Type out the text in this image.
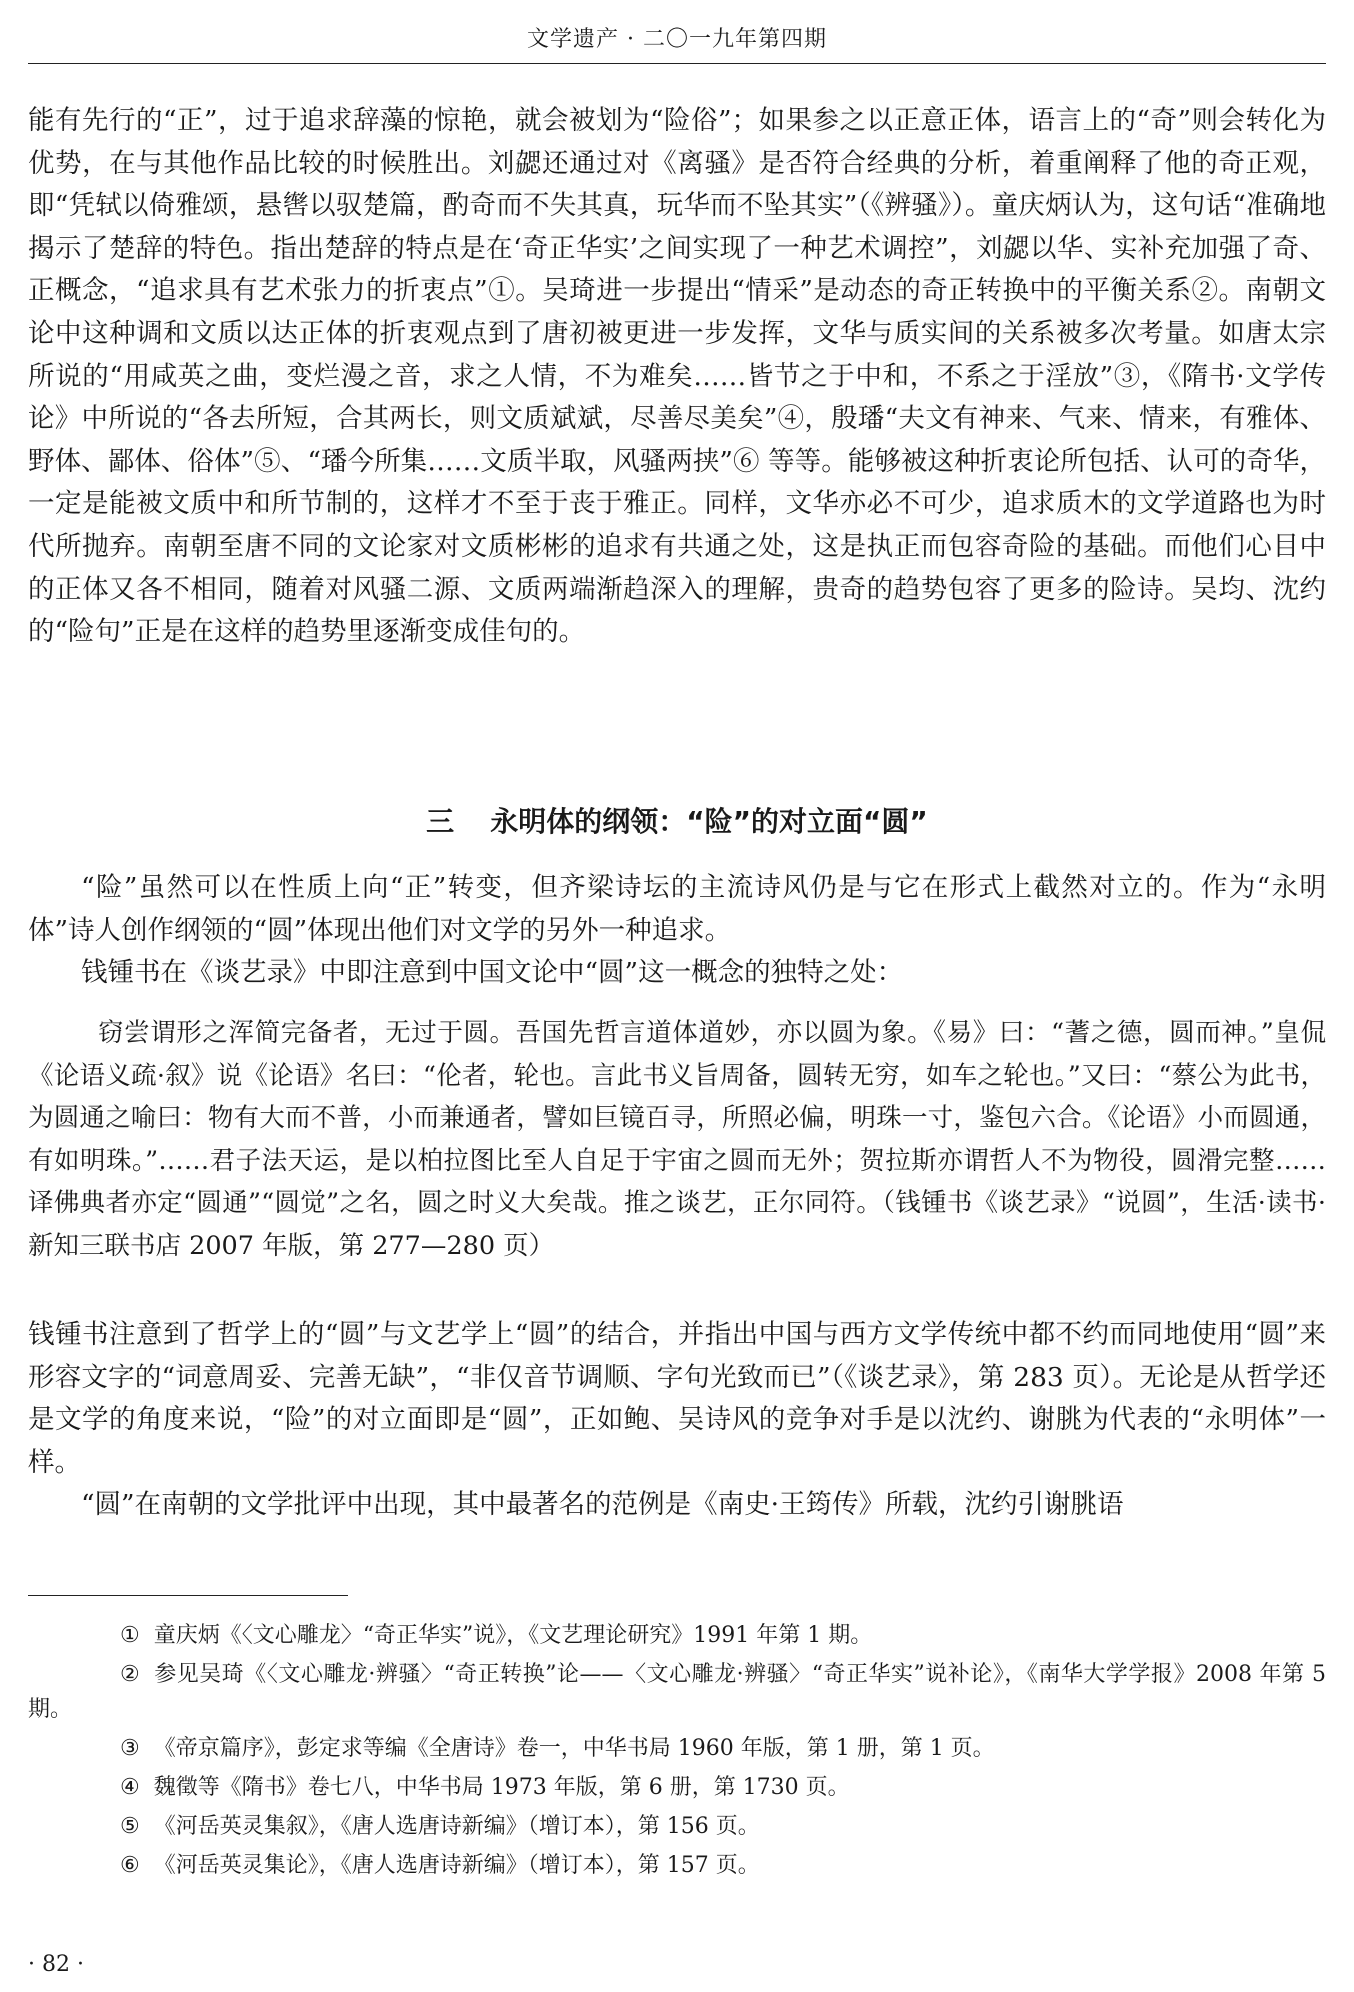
文学遗产 · 二〇一九年第四期

能有先行的“正”，过于追求辞藻的惊艳，就会被划为“险俗”；如果参之以正意正体，语言上的“奇”则会转化为优势，在与其他作品比较的时候胜出。刘勰还通过对《离骚》是否符合经典的分析，着重阐释了他的奇正观，即“凭轼以倚雅颂，悬辔以驭楚篇，酌奇而不失其真，玩华而不坠其实”（《辨骚》）。童庆炳认为，这句话“准确地揭示了楚辞的特色。指出楚辞的特点是在‘奇正华实’之间实现了一种艺术调控”，刘勰以华、实补充加强了奇、正概念，“追求具有艺术张力的折衷点”①。吴琦进一步提出“情采”是动态的奇正转换中的平衡关系②。南朝文论中这种调和文质以达正体的折衷观点到了唐初被更进一步发挥，文华与质实间的关系被多次考量。如唐太宗所说的“用咸英之曲，变烂漫之音，求之人情，不为难矣……皆节之于中和，不系之于淫放”③，《隋书·文学传论》中所说的“各去所短，合其两长，则文质斌斌，尽善尽美矣”④，殷璠“夫文有神来、气来、情来，有雅体、野体、鄙体、俗体”⑤、“璠今所集……文质半取，风骚两挟”⑥ 等等。能够被这种折衷论所包括、认可的奇华，一定是能被文质中和所节制的，这样才不至于丧于雅正。同样，文华亦必不可少，追求质木的文学道路也为时代所抛弃。南朝至唐不同的文论家对文质彬彬的追求有共通之处，这是执正而包容奇险的基础。而他们心目中的正体又各不相同，随着对风骚二源、文质两端渐趋深入的理解，贵奇的趋势包容了更多的险诗。吴均、沈约的“险句”正是在这样的趋势里逐渐变成佳句的。

三 永明体的纲领：“险”的对立面“圆”

“险”虽然可以在性质上向“正”转变，但齐梁诗坛的主流诗风仍是与它在形式上截然对立的。作为“永明体”诗人创作纲领的“圆”体现出他们对文学的另外一种追求。

钱锺书在《谈艺录》中即注意到中国文论中“圆”这一概念的独特之处：

窃尝谓形之浑简完备者，无过于圆。吾国先哲言道体道妙，亦以圆为象。《易》曰：“蓍之德，圆而神。”皇侃《论语义疏·叙》说《论语》名曰：“伦者，轮也。言此书义旨周备，圆转无穷，如车之轮也。”又曰：“蔡公为此书，为圆通之喻曰：物有大而不普，小而兼通者，譬如巨镜百寻，所照必偏，明珠一寸，鉴包六合。《论语》小而圆通，有如明珠。”……君子法天运，是以柏拉图比至人自足于宇宙之圆而无外；贺拉斯亦谓哲人不为物役，圆滑完整……译佛典者亦定“圆通”“圆觉”之名，圆之时义大矣哉。推之谈艺，正尔同符。（钱锺书《谈艺录》“说圆”，生活·读书·新知三联书店 2007 年版，第 277—280 页）

钱锺书注意到了哲学上的“圆”与文艺学上“圆”的结合，并指出中国与西方文学传统中都不约而同地使用“圆”来形容文字的“词意周妥、完善无缺”，“非仅音节调顺、字句光致而已”（《谈艺录》，第 283 页）。无论是从哲学还是文学的角度来说，“险”的对立面即是“圆”，正如鲍、吴诗风的竞争对手是以沈约、谢朓为代表的“永明体”一样。

“圆”在南朝的文学批评中出现，其中最著名的范例是《南史·王筠传》所载，沈约引谢朓语

① 童庆炳《〈文心雕龙〉“奇正华实”说》，《文艺理论研究》1991 年第 1 期。

② 参见吴琦《〈文心雕龙·辨骚〉“奇正转换”论——〈文心雕龙·辨骚〉“奇正华实”说补论》，《南华大学学报》2008 年第 5 期。

③ 《帝京篇序》，彭定求等编《全唐诗》卷一，中华书局 1960 年版，第 1 册，第 1 页。

④ 魏徵等《隋书》卷七八，中华书局 1973 年版，第 6 册，第 1730 页。

⑤ 《河岳英灵集叙》，《唐人选唐诗新编》（增订本），第 156 页。

⑥ 《河岳英灵集论》，《唐人选唐诗新编》（增订本），第 157 页。

· 82 ·
